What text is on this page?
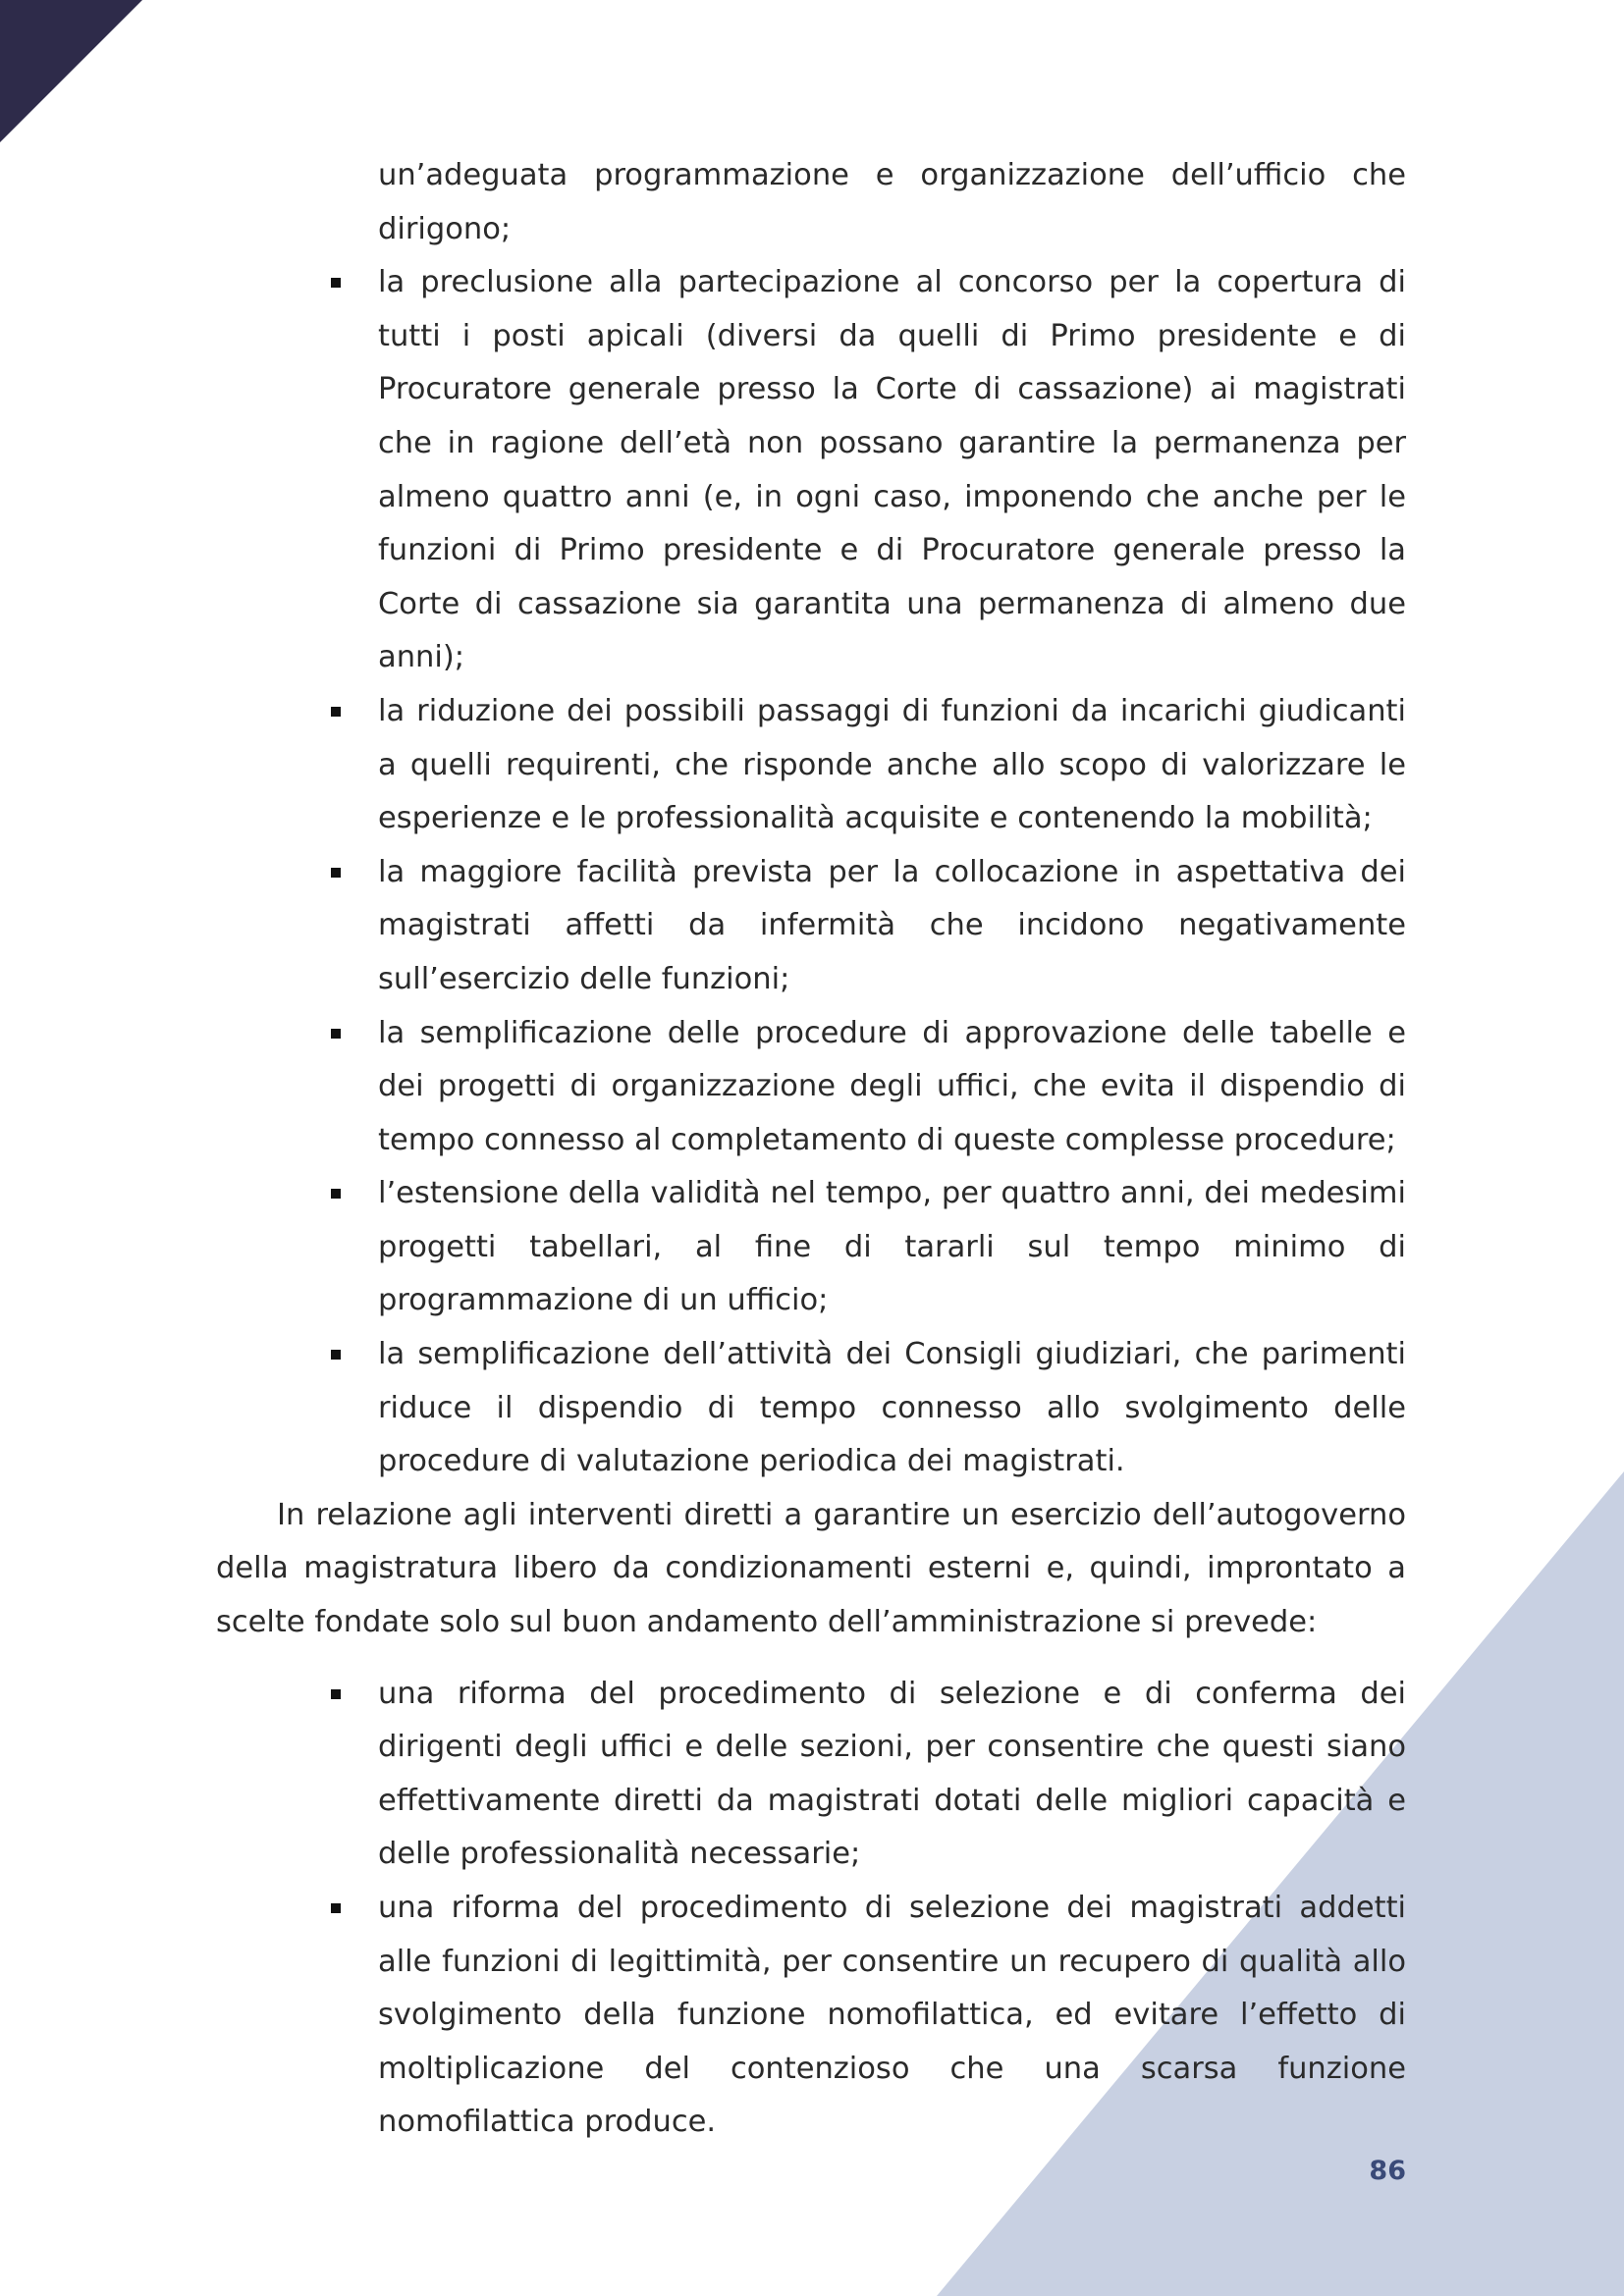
un’adeguata programmazione e organizzazione dell’ufficio che dirigono;
la preclusione alla partecipazione al concorso per la copertura di tutti i posti apicali (diversi da quelli di Primo presidente e di Procuratore generale presso la Corte di cassazione) ai magistrati che in ragione dell’età non possano garantire la permanenza per almeno quattro anni (e, in ogni caso, imponendo che anche per le funzioni di Primo presidente e di Procuratore generale presso la Corte di cassazione sia garantita una permanenza di almeno due anni);
la riduzione dei possibili passaggi di funzioni da incarichi giudicanti a quelli requirenti, che risponde anche allo scopo di valorizzare le esperienze e le professionalità acquisite e contenendo la mobilità;
la maggiore facilità prevista per la collocazione in aspettativa dei magistrati affetti da infermità che incidono negativamente sull’esercizio delle funzioni;
la semplificazione delle procedure di approvazione delle tabelle e dei progetti di organizzazione degli uffici, che evita il dispendio di tempo connesso al completamento di queste complesse procedure;
l’estensione della validità nel tempo, per quattro anni, dei medesimi progetti tabellari, al fine di tararli sul tempo minimo di programmazione di un ufficio;
la semplificazione dell’attività dei Consigli giudiziari, che parimenti riduce il dispendio di tempo connesso allo svolgimento delle procedure di valutazione periodica dei magistrati.

In relazione agli interventi diretti a garantire un esercizio dell’autogoverno della magistratura libero da condizionamenti esterni e, quindi, improntato a scelte fondate solo sul buon andamento dell’amministrazione si prevede:

una riforma del procedimento di selezione e di conferma dei dirigenti degli uffici e delle sezioni, per consentire che questi siano effettivamente diretti da magistrati dotati delle migliori capacità e delle professionalità necessarie;
una riforma del procedimento di selezione dei magistrati addetti alle funzioni di legittimità, per consentire un recupero di qualità allo svolgimento della funzione nomofilattica, ed evitare l’effetto di moltiplicazione del contenzioso che una scarsa funzione nomofilattica produce.
86
